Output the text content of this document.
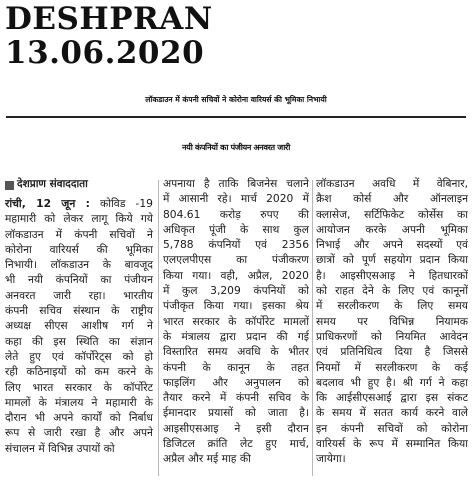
DESHPRAN
13.06.2020
लॉकडाउन में कंपनी सचिवों ने कोरोना वारियर्स की भूमिका निभायी
नयी कंपनियों का पंजीयन अनवरत जारी
देशप्राण संवाददाता
रांची, 12 जून : कोविड -19
महामारी को लेकर लागू किये गये
लॉकडाउन में कंपनी सचिवों ने
कोरोना वारियर्स की भूमिका
निभायी। लॉकडाउन के बावजूद
भी नयी कंपनियों का पंजीयन
अनवरत जारी रहा। भारतीय
कंपनी सचिव संस्थान के राष्ट्रीय
अध्यक्ष सीएस आशीष गर्ग ने
कहा की इस स्थिति का संज्ञान
लेते हुए एवं कॉर्पोरेट्स को हो
रही कठिनाइयों को कम करने के
लिए भारत सरकार के कॉर्पोरेट
मामलों के मंत्रालय ने महामारी के
दौरान भी अपने कार्यों को निर्बाध
रूप से जारी रखा है और अपने
संचालन में विभिन्न उपायों को
अपनाया है ताकि बिजनेस चलाने
में आसानी रहे। मार्च 2020 में
804.61 करोड़ रुपए की
अधिकृत पूंजी के साथ कुल
5,788 कंपनियों एवं 2356
एलएलपीएस का पंजीकरण
किया गया। वही, अप्रैल, 2020
में कुल 3,209 कंपनियों को
पंजीकृत किया गया। इसका श्रेय
भारत सरकार के कॉर्पोरेट मामलों
के मंत्रालय द्वारा प्रदान की गई
विस्तारित समय अवधि के भीतर
कंपनी के कानून के तहत
फाइलिंग और अनुपालन को
तैयार करने में कंपनी सचिव के
ईमानदार प्रयासों को जाता है।
आइसीएसआइ ने इसी दौरान
डिजिटल क्रांति लेट हुए मार्च,
अप्रैल और मई माह की
लॉकडाउन अवधि में वेबिनार,
क्रैश कोर्स और ऑनलाइन
क्लासेज, सर्टिफिकेट कोर्सेस का
आयोजन करके अपनी भूमिका
निभाई और अपने सदस्यों एवं
छात्रों को पूर्ण सहयोग प्रदान किया
है। आइसीएसआइ ने हितधारकों
को राहत देने के लिए एवं कानूनों
में सरलीकरण के लिए समय
समय पर विभिन्न नियामक
प्राधिकरणों को नियमित आवेदन
एवं प्रतिनिधित्व दिया है जिससे
नियमों में सरलीकरण के कई
बदलाव भी हुए है। श्री गर्ग ने कहा
कि आईसीएसआई द्वारा इस संकट
के समय में सतत कार्य करने वाले
इन कंपनी सचिवों को कोरोना
वारियर्स के रूप में सम्मानित किया
जायेगा।
